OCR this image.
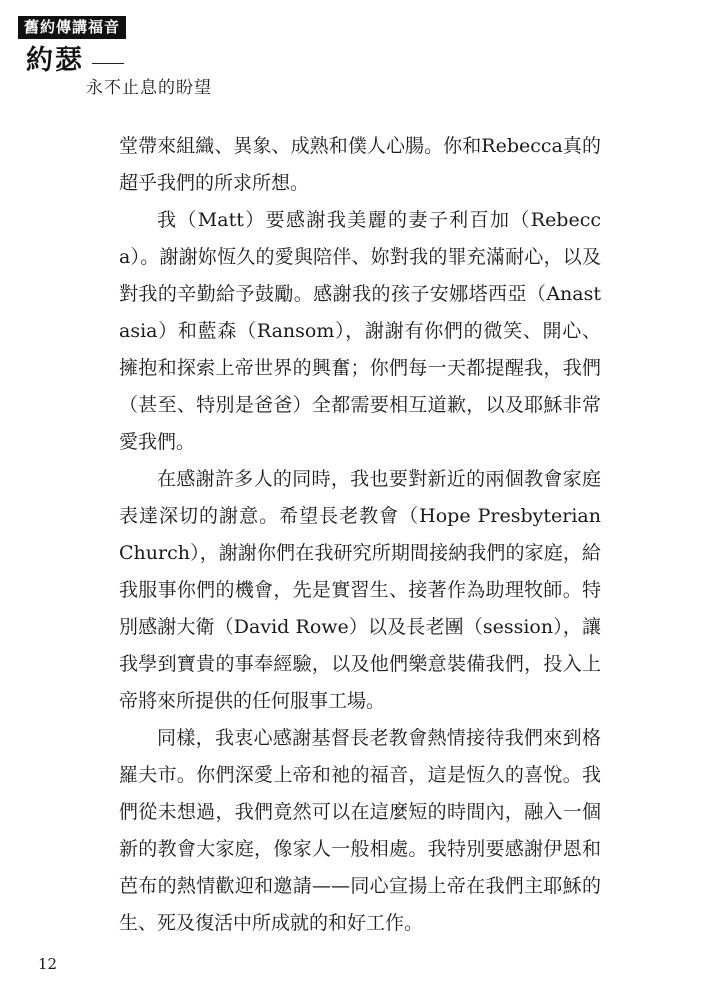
舊約傳講福音
約瑟
永不止息的盼望

堂帶來組織、異象、成熟和僕人心腸。你和Rebecca真的超乎我們的所求所想。

我（Matt）要感謝我美麗的妻子利百加（Rebecca）。謝謝妳恆久的愛與陪伴、妳對我的罪充滿耐心，以及對我的辛勤給予鼓勵。感謝我的孩子安娜塔西亞（Anastasia）和藍森（Ransom），謝謝有你們的微笑、開心、擁抱和探索上帝世界的興奮；你們每一天都提醒我，我們（甚至、特別是爸爸）全都需要相互道歉，以及耶穌非常愛我們。

在感謝許多人的同時，我也要對新近的兩個教會家庭表達深切的謝意。希望長老教會（Hope Presbyterian Church），謝謝你們在我研究所期間接納我們的家庭，給我服事你們的機會，先是實習生、接著作為助理牧師。特別感謝大衛（David Rowe）以及長老團（session），讓我學到寶貴的事奉經驗，以及他們樂意裝備我們，投入上帝將來所提供的任何服事工場。

同樣，我衷心感謝基督長老教會熱情接待我們來到格羅夫市。你們深愛上帝和祂的福音，這是恆久的喜悅。我們從未想過，我們竟然可以在這麼短的時間內，融入一個新的教會大家庭，像家人一般相處。我特別要感謝伊恩和芭布的熱情歡迎和邀請——同心宣揚上帝在我們主耶穌的生、死及復活中所成就的和好工作。

12
